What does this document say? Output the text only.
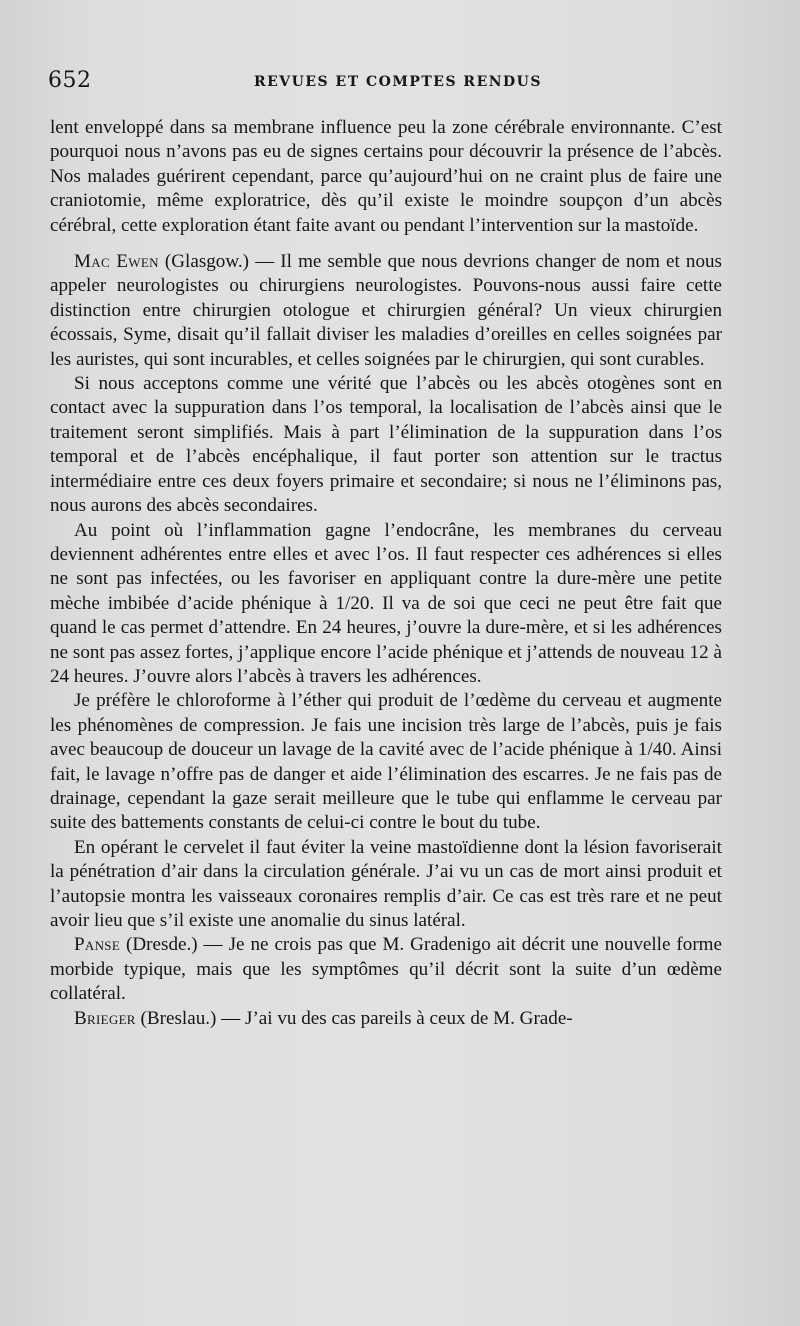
652	REVUES ET COMPTES RENDUS

lent enveloppé dans sa membrane influence peu la zone cérébrale environnante. C’est pourquoi nous n’avons pas eu de signes certains pour découvrir la présence de l’abcès. Nos malades guérirent cependant, parce qu’aujourd’hui on ne craint plus de faire une craniotomie, même exploratrice, dès qu’il existe le moindre soupçon d’un abcès cérébral, cette exploration étant faite avant ou pendant l’intervention sur la mastoïde.

Mac Ewen (Glasgow.) — Il me semble que nous devrions changer de nom et nous appeler neurologistes ou chirurgiens neurologistes. Pouvons-nous aussi faire cette distinction entre chirurgien otologue et chirurgien général? Un vieux chirurgien écossais, Syme, disait qu’il fallait diviser les maladies d’oreilles en celles soignées par les auristes, qui sont incurables, et celles soignées par le chirurgien, qui sont curables.

Si nous acceptons comme une vérité que l’abcès ou les abcès otogènes sont en contact avec la suppuration dans l’os temporal, la localisation de l’abcès ainsi que le traitement seront simplifiés. Mais à part l’élimination de la suppuration dans l’os temporal et de l’abcès encéphalique, il faut porter son attention sur le tractus intermédiaire entre ces deux foyers primaire et secondaire; si nous ne l’éliminons pas, nous aurons des abcès secondaires.

Au point où l’inflammation gagne l’endocrâne, les membranes du cerveau deviennent adhérentes entre elles et avec l’os. Il faut respecter ces adhérences si elles ne sont pas infectées, ou les favoriser en appliquant contre la dure-mère une petite mèche imbibée d’acide phénique à 1/20. Il va de soi que ceci ne peut être fait que quand le cas permet d’attendre. En 24 heures, j’ouvre la dure-mère, et si les adhérences ne sont pas assez fortes, j’applique encore l’acide phénique et j’attends de nouveau 12 à 24 heures. J’ouvre alors l’abcès à travers les adhérences.

Je préfère le chloroforme à l’éther qui produit de l’œdème du cerveau et augmente les phénomènes de compression. Je fais une incision très large de l’abcès, puis je fais avec beaucoup de douceur un lavage de la cavité avec de l’acide phénique à 1/40. Ainsi fait, le lavage n’offre pas de danger et aide l’élimination des escarres. Je ne fais pas de drainage, cependant la gaze serait meilleure que le tube qui enflamme le cerveau par suite des battements constants de celui-ci contre le bout du tube.

En opérant le cervelet il faut éviter la veine mastoïdienne dont la lésion favoriserait la pénétration d’air dans la circulation générale. J’ai vu un cas de mort ainsi produit et l’autopsie montra les vaisseaux coronaires remplis d’air. Ce cas est très rare et ne peut avoir lieu que s’il existe une anomalie du sinus latéral.

Panse (Dresde.) — Je ne crois pas que M. Gradenigo ait décrit une nouvelle forme morbide typique, mais que les symptômes qu’il décrit sont la suite d’un œdème collatéral.

Brieger (Breslau.) — J’ai vu des cas pareils à ceux de M. Grade-
